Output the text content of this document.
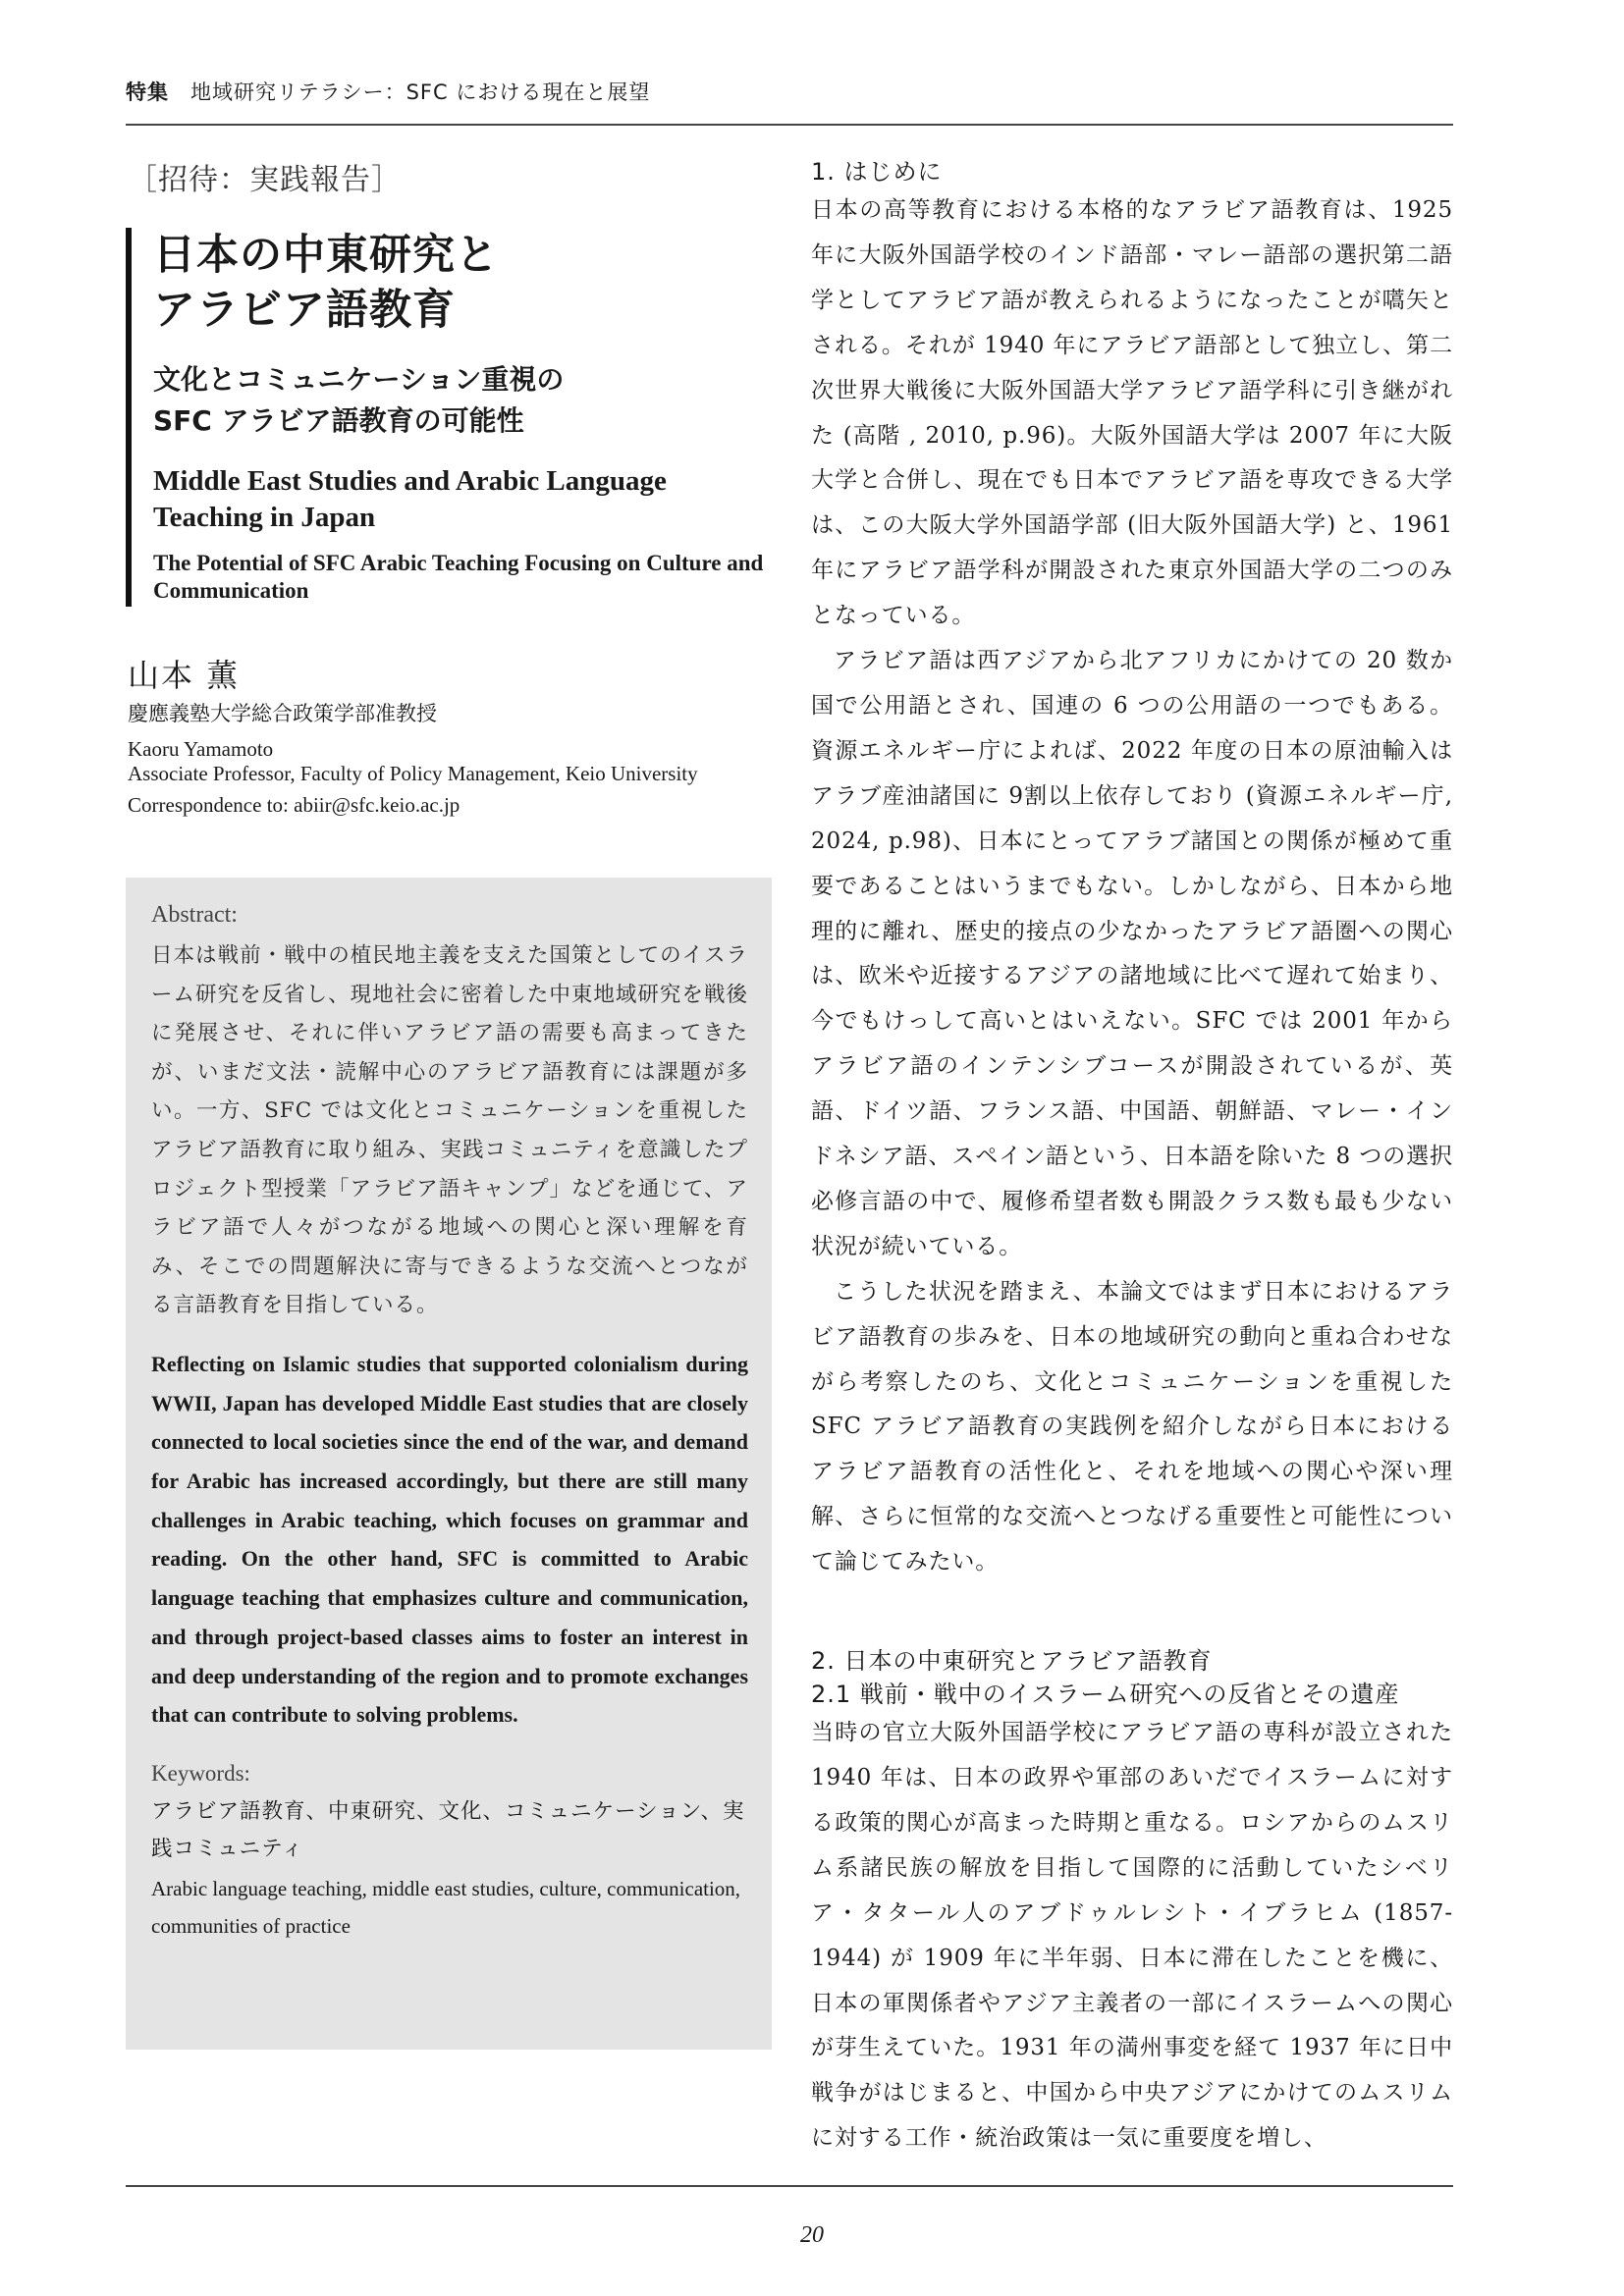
特集 地域研究リテラシー：SFC における現在と展望
［招待：実践報告］
日本の中東研究と
アラビア語教育
文化とコミュニケーション重視の
SFC アラビア語教育の可能性
Middle East Studies and Arabic Language Teaching in Japan
The Potential of SFC Arabic Teaching Focusing on Culture and Communication
山本 薫
慶應義塾大学総合政策学部准教授
Kaoru Yamamoto
Associate Professor, Faculty of Policy Management, Keio University
Correspondence to: abiir@sfc.keio.ac.jp
Abstract:
日本は戦前・戦中の植民地主義を支えた国策としてのイスラーム研究を反省し、現地社会に密着した中東地域研究を戦後に発展させ、それに伴いアラビア語の需要も高まってきたが、いまだ文法・読解中心のアラビア語教育には課題が多い。一方、SFC では文化とコミュニケーションを重視したアラビア語教育に取り組み、実践コミュニティを意識したプロジェクト型授業「アラビア語キャンプ」などを通じて、アラビア語で人々がつながる地域への関心と深い理解を育み、そこでの問題解決に寄与できるような交流へとつながる言語教育を目指している。
Reflecting on Islamic studies that supported colonialism during WWII, Japan has developed Middle East studies that are closely connected to local societies since the end of the war, and demand for Arabic has increased accordingly, but there are still many challenges in Arabic teaching, which focuses on grammar and reading. On the other hand, SFC is committed to Arabic language teaching that emphasizes culture and communication, and through project-based classes aims to foster an interest in and deep understanding of the region and to promote exchanges that can contribute to solving problems.
Keywords:
アラビア語教育、中東研究、文化、コミュニケーション、実践コミュニティ
Arabic language teaching, middle east studies, culture, communication, communities of practice
1. はじめに

日本の高等教育における本格的なアラビア語教育は、1925 年に大阪外国語学校のインド語部・マレー語部の選択第二語学としてアラビア語が教えられるようになったことが嚆矢とされる。それが 1940 年にアラビア語部として独立し、第二次世界大戦後に大阪外国語大学アラビア語学科に引き継がれた (高階 , 2010, p.96)。大阪外国語大学は 2007 年に大阪大学と合併し、現在でも日本でアラビア語を専攻できる大学は、この大阪大学外国語学部 (旧大阪外国語大学) と、1961 年にアラビア語学科が開設された東京外国語大学の二つのみとなっている。

アラビア語は西アジアから北アフリカにかけての 20 数か国で公用語とされ、国連の 6 つの公用語の一つでもある。資源エネルギー庁によれば、2022 年度の日本の原油輸入はアラブ産油諸国に 9割以上依存しており (資源エネルギー庁, 2024, p.98)、日本にとってアラブ諸国との関係が極めて重要であることはいうまでもない。しかしながら、日本から地理的に離れ、歴史的接点の少なかったアラビア語圏への関心は、欧米や近接するアジアの諸地域に比べて遅れて始まり、今でもけっして高いとはいえない。SFC では 2001 年からアラビア語のインテンシブコースが開設されているが、英語、ドイツ語、フランス語、中国語、朝鮮語、マレー・インドネシア語、スペイン語という、日本語を除いた 8 つの選択必修言語の中で、履修希望者数も開設クラス数も最も少ない状況が続いている。

こうした状況を踏まえ、本論文ではまず日本におけるアラビア語教育の歩みを、日本の地域研究の動向と重ね合わせながら考察したのち、文化とコミュニケーションを重視した SFC アラビア語教育の実践例を紹介しながら日本におけるアラビア語教育の活性化と、それを地域への関心や深い理解、さらに恒常的な交流へとつなげる重要性と可能性について論じてみたい。

2. 日本の中東研究とアラビア語教育
2.1 戦前・戦中のイスラーム研究への反省とその遺産

当時の官立大阪外国語学校にアラビア語の専科が設立された 1940 年は、日本の政界や軍部のあいだでイスラームに対する政策的関心が高まった時期と重なる。ロシアからのムスリム系諸民族の解放を目指して国際的に活動していたシベリア・タタール人のアブドゥルレシト・イブラヒム (1857-1944) が 1909 年に半年弱、日本に滞在したことを機に、日本の軍関係者やアジア主義者の一部にイスラームへの関心が芽生えていた。1931 年の満州事変を経て 1937 年に日中戦争がはじまると、中国から中央アジアにかけてのムスリムに対する工作・統治政策は一気に重要度を増し、

20
